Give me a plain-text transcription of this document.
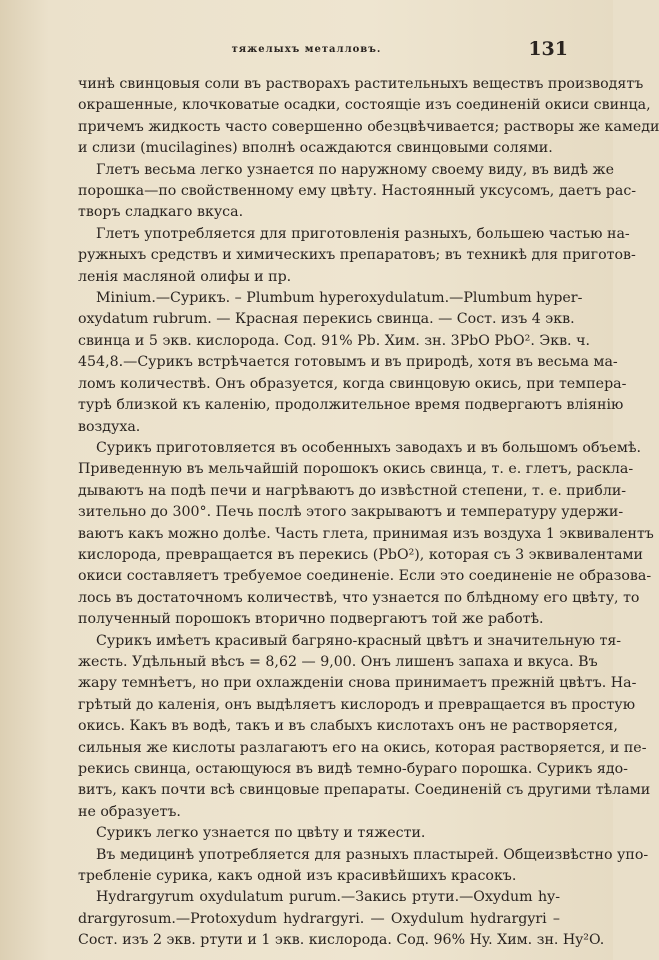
тяжелыхъ металловъ.	131
чинѣ свинцовыя соли въ растворахъ растительныхъ веществъ производятъ
окрашенные, клочковатые осадки, состоящіе изъ соединеній окиси свинца,
причемъ жидкость часто совершенно обезцвѣчивается; растворы же камеди
и слизи (mucilagines) вполнѣ осаждаются свинцовыми солями.
Глетъ весьма легко узнается по наружному своему виду, въ видѣ же
порошка—по свойственному ему цвѣту. Настоянный уксусомъ, даетъ рас-
творъ сладкаго вкуса.
Глетъ употребляется для приготовленія разныхъ, большею частью на-
ружныхъ средствъ и химическихъ препаратовъ; въ техникѣ для приготов-
ленія масляной олифы и пр.
Minium.—Сурикъ. – Plumbum hyperoxydulatum.—Plumbum hyper-
oxydatum rubrum. — Красная перекись свинца. — Сост. изъ 4 экв.
свинца и 5 экв. кислорода. Сод. 91% Pb. Хим. зн. 3PbO PbO². Экв. ч.
454,8.—Сурикъ встрѣчается готовымъ и въ природѣ, хотя въ весьма ма-
ломъ количествѣ. Онъ образуется, когда свинцовую окись, при темпера-
турѣ близкой къ каленію, продолжительное время подвергаютъ вліянію
воздуха.
Сурикъ приготовляется въ особенныхъ заводахъ и въ большомъ объемѣ.
Приведенную въ мельчайшій порошокъ окись свинца, т. е. глетъ, раскла-
дываютъ на подѣ печи и нагрѣваютъ до извѣстной степени, т. е. прибли-
зительно до 300°. Печь послѣ этого закрываютъ и температуру удержи-
ваютъ какъ можно долѣе. Часть глета, принимая изъ воздуха 1 эквивалентъ
кислорода, превращается въ перекись (PbO²), которая съ 3 эквивалентами
окиси составляетъ требуемое соединеніе. Если это соединеніе не образова-
лось въ достаточномъ количествѣ, что узнается по блѣдному его цвѣту, то
полученный порошокъ вторично подвергаютъ той же работѣ.
Сурикъ имѣетъ красивый багряно-красный цвѣтъ и значительную тя-
жесть. Удѣльный вѣсъ = 8,62 — 9,00. Онъ лишенъ запаха и вкуса. Въ
жару темнѣетъ, но при охлажденіи снова принимаетъ прежній цвѣтъ. На-
грѣтый до каленія, онъ выдѣляетъ кислородъ и превращается въ простую
окись. Какъ въ водѣ, такъ и въ слабыхъ кислотахъ онъ не растворяется,
сильныя же кислоты разлагаютъ его на окись, которая растворяется, и пе-
рекись свинца, остающуюся въ видѣ темно-бураго порошка. Сурикъ ядо-
витъ, какъ почти всѣ свинцовые препараты. Соединеній съ другими тѣлами
не образуетъ.
Сурикъ легко узнается по цвѣту и тяжести.
Въ медицинѣ употребляется для разныхъ пластырей. Общеизвѣстно упо-
требленіе сурика, какъ одной изъ красивѣйшихъ красокъ.
Hydrargyrum oxydulatum purum.—Закись ртути.—Oxydum hy-
drargyrosum.—Protoxydum hydrargyri. — Oxydulum hydrargyri –
Сост. изъ 2 экв. ртути и 1 экв. кислорода. Сод. 96% Hy. Хим. зн. Hy²O.
